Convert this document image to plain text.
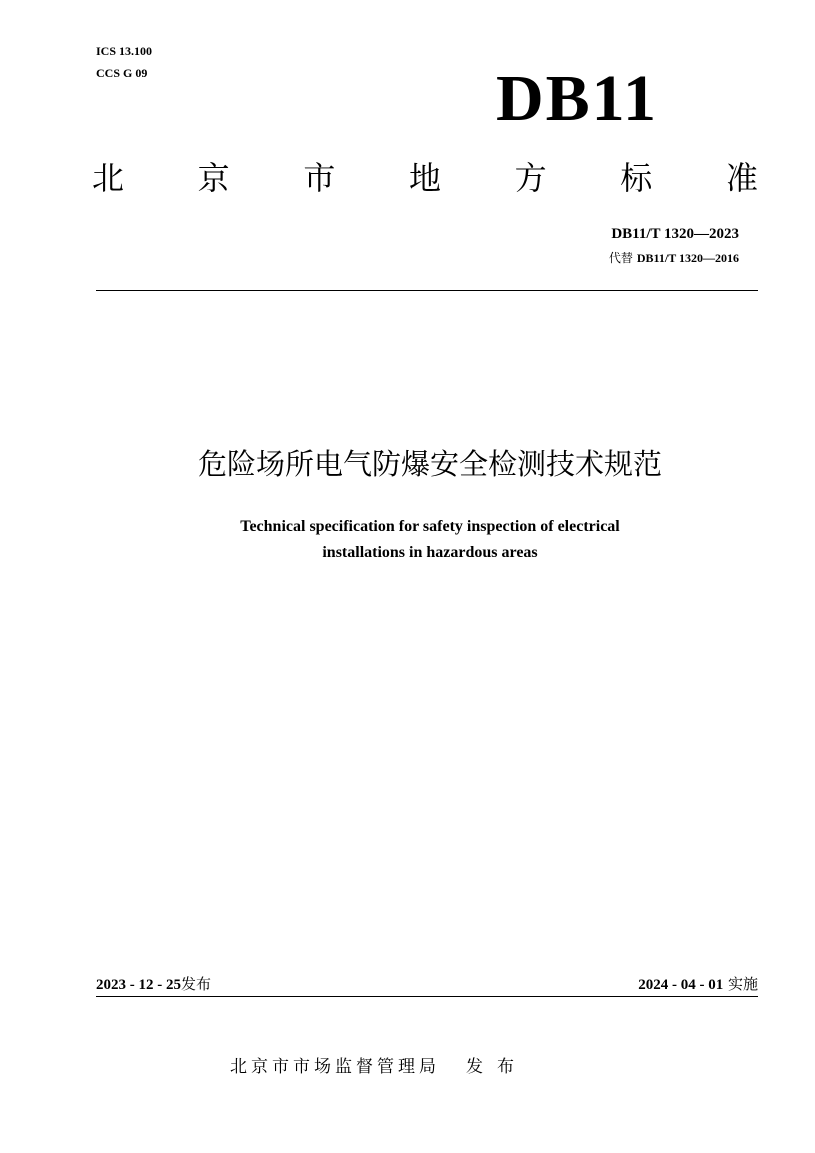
ICS 13.100
CCS G 09	DB11
北 京 市 地 方 标 准
DB11/T 1320—2023
代替 DB11/T 1320—2016
危险场所电气防爆安全检测技术规范
Technical specification for safety inspection of electrical
installations in hazardous areas
2023 - 12 - 25发布	2024 - 04 - 01 实施
北京市市场监督管理局 发布
